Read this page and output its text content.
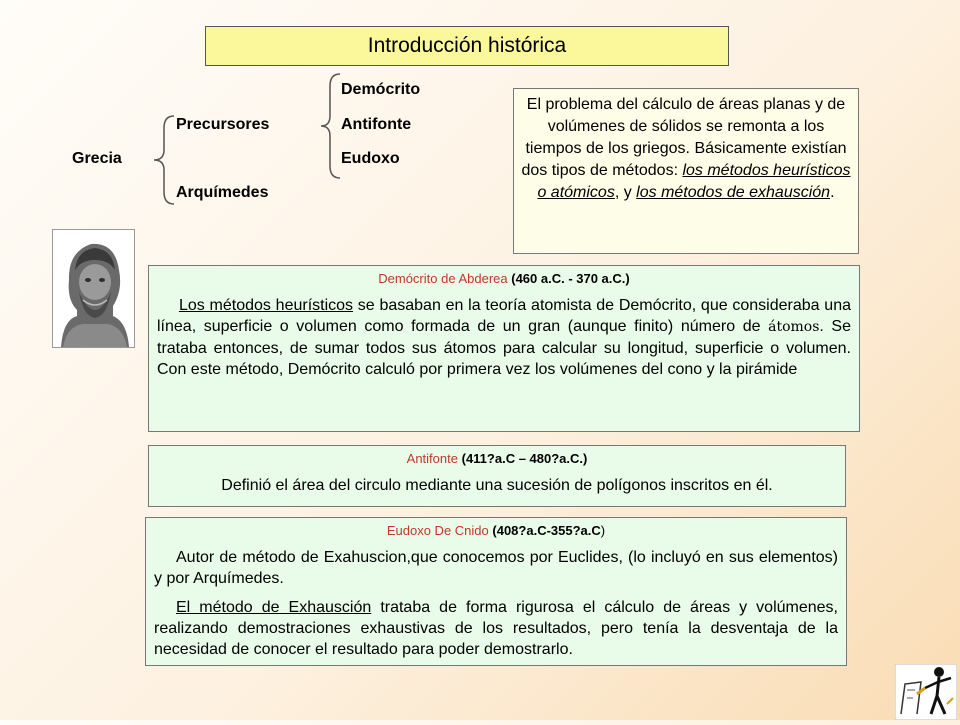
Introducción histórica
Grecia
Precursores
Arquímedes
Demócrito
Antifonte
Eudoxo
El problema del cálculo de áreas planas y de volúmenes de sólidos se remonta a los tiempos de los griegos. Básicamente existían dos tipos de métodos: los métodos heurísticos o atómicos, y los métodos de exhausción.
Demócrito de Abderea (460 a.C. - 370 a.C.)

Los métodos heurísticos se basaban en la teoría atomista de Demócrito, que consideraba una línea, superficie o volumen como formada de un gran (aunque finito) número de átomos. Se trataba entonces, de sumar todos sus átomos para calcular su longitud, superficie o volumen. Con este método, Demócrito calculó por primera vez los volúmenes del cono y la pirámide

Antifonte (411?a.C – 480?a.C.)

Definió el área del circulo mediante una sucesión de polígonos inscritos en él.

Eudoxo De Cnido (408?a.C-355?a.C)

Autor de método de Exahuscion,que conocemos por Euclides, (lo incluyó en sus elementos) y por Arquímedes.

El método de Exhausción trataba de forma rigurosa el cálculo de áreas y volúmenes, realizando demostraciones exhaustivas de los resultados, pero tenía la desventaja de la necesidad de conocer el resultado para poder demostrarlo.
